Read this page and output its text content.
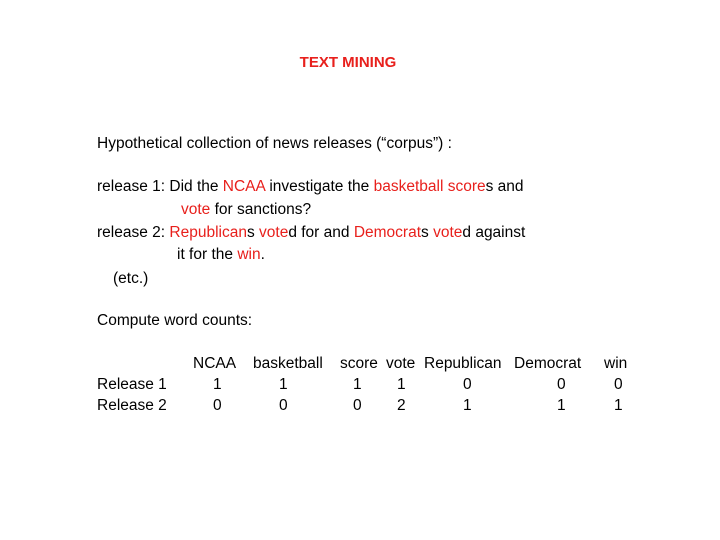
TEXT MINING
Hypothetical collection of news releases (“corpus”) :
release 1: Did the NCAA investigate the basketball scores and
vote for sanctions?
release 2: Republicans voted for and Democrats voted against
it for the win.
(etc.)
Compute word counts:
NCAA basketball score vote Republican Democrat win
Release 1	1	1	1 1	0	0	0
Release 2	0	0	0 2	1	1	1
